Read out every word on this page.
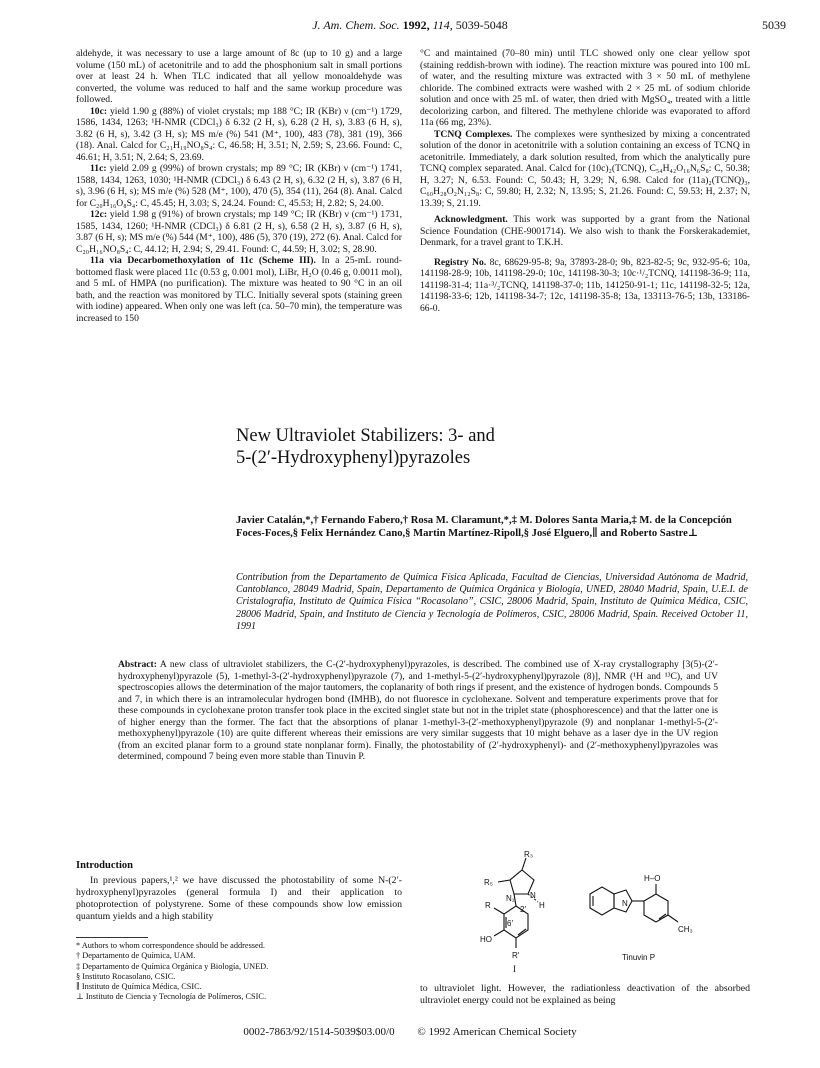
J. Am. Chem. Soc. 1992, 114, 5039-5048	5039

aldehyde, it was necessary to use a large amount of 8c (up to 10 g) and a large volume (150 mL) of acetonitrile and to add the phosphonium salt in small portions over at least 24 h. When TLC indicated that all yellow monoaldehyde was converted, the volume was reduced to half and the same workup procedure was followed.

10c: yield 1.90 g (88%) of violet crystals; mp 188 °C; IR (KBr) ν (cm⁻¹) 1729, 1586, 1434, 1263; ¹H-NMR (CDCl₃) δ 6.32 (2 H, s), 6.28 (2 H, s), 3.83 (6 H, s), 3.82 (6 H, s), 3.42 (3 H, s); MS m/e (%) 541 (M⁺, 100), 483 (78), 381 (19), 366 (18). Anal. Calcd for C₂₁H₁₉NO₈S₄: C, 46.58; H, 3.51; N, 2.59; S, 23.66. Found: C, 46.61; H, 3.51; N, 2.64; S, 23.69.

11c: yield 2.09 g (99%) of brown crystals; mp 89 °C; IR (KBr) ν (cm⁻¹) 1741, 1588, 1434, 1263, 1030; ¹H-NMR (CDCl₃) δ 6.43 (2 H, s), 6.32 (2 H, s), 3.87 (6 H, s), 3.96 (6 H, s); MS m/e (%) 528 (M⁺, 100), 470 (5), 354 (11), 264 (8). Anal. Calcd for C₂₀H₁₆O₈S₄: C, 45.45; H, 3.03; S, 24.24. Found: C, 45.53; H, 2.82; S, 24.00.

12c: yield 1.98 g (91%) of brown crystals; mp 149 °C; IR (KBr) ν (cm⁻¹) 1731, 1585, 1434, 1260; ¹H-NMR (CDCl₃) δ 6.81 (2 H, s), 6.58 (2 H, s), 3.87 (6 H, s), 3.87 (6 H, s); MS m/e (%) 544 (M⁺, 100), 486 (5), 370 (19), 272 (6). Anal. Calcd for C₂₀H₁₆NO₈S₄: C, 44.12; H, 2.94; S, 29.41. Found: C, 44.59; H, 3.02; S, 28.90.

11a via Decarbomethoxylation of 11c (Scheme III). In a 25-mL round-bottomed flask were placed 11c (0.53 g, 0.001 mol), LiBr, H₂O (0.46 g, 0.0011 mol), and 5 mL of HMPA (no purification). The mixture was heated to 90 °C in an oil bath, and the reaction was monitored by TLC. Initially several spots (staining green with iodine) appeared. When only one was left (ca. 50–70 min), the temperature was increased to 150

°C and maintained (70–80 min) until TLC showed only one clear yellow spot (staining reddish-brown with iodine). The reaction mixture was poured into 100 mL of water, and the resulting mixture was extracted with 3 × 50 mL of methylene chloride. The combined extracts were washed with 2 × 25 mL of sodium chloride solution and once with 25 mL of water, then dried with MgSO₄, treated with a little decolorizing carbon, and filtered. The methylene chloride was evaporated to afford 11a (66 mg, 23%).

TCNQ Complexes. The complexes were synthesized by mixing a concentrated solution of the donor in acetonitrile with a solution containing an excess of TCNQ in acetonitrile. Immediately, a dark solution resulted, from which the analytically pure TCNQ complex separated. Anal. Calcd for (10c)₂(TCNQ), C₅₄H₄₂O₁₆N₆S₈: C, 50.38; H, 3.27; N, 6.53. Found: C, 50.43; H, 3.29; N, 6.98. Calcd for (11a)₂(TCNQ)₃, C₆₀H₂₈O₂N₁₂S₈: C, 59.80; H, 2.32; N, 13.95; S, 21.26. Found: C, 59.53; H, 2.37; N, 13.39; S, 21.19.

Acknowledgment. This work was supported by a grant from the National Science Foundation (CHE-9001714). We also wish to thank the Forskerakademiet, Denmark, for a travel grant to T.K.H.

Registry No. 8c, 68629-95-8; 9a, 37893-28-0; 9b, 823-82-5; 9c, 932-95-6; 10a, 141198-28-9; 10b, 141198-29-0; 10c, 141198-30-3; 10c·¹/₂TCNQ, 141198-36-9; 11a, 141198-31-4; 11a·³/₂TCNQ, 141198-37-0; 11b, 141250-91-1; 11c, 141198-32-5; 12a, 141198-33-6; 12b, 141198-34-7; 12c, 141198-35-8; 13a, 133113-76-5; 13b, 133186-66-0.

New Ultraviolet Stabilizers: 3- and
5-(2′-Hydroxyphenyl)pyrazoles
Javier Catalán,*,† Fernando Fabero,† Rosa M. Claramunt,*,‡ M. Dolores Santa Maria,‡ M. de la Concepción Foces-Foces,§ Felix Hernández Cano,§ Martin Martínez-Ripoll,§ José Elguero,∥ and Roberto Sastre⊥
Contribution from the Departamento de Química Física Aplicada, Facultad de Ciencias, Universidad Autónoma de Madrid, Cantoblanco, 28049 Madrid, Spain, Departamento de Química Orgánica y Biología, UNED, 28040 Madrid, Spain, U.E.I. de Cristalografía, Instituto de Química Física “Rocasolano”, CSIC, 28006 Madrid, Spain, Instituto de Química Médica, CSIC, 28006 Madrid, Spain, and Instituto de Ciencia y Tecnología de Polímeros, CSIC, 28006 Madrid, Spain. Received October 11, 1991
Abstract: A new class of ultraviolet stabilizers, the C-(2′-hydroxyphenyl)pyrazoles, is described. The combined use of X-ray crystallography [3(5)-(2′-hydroxyphenyl)pyrazole (5), 1-methyl-3-(2′-hydroxyphenyl)pyrazole (7), and 1-methyl-5-(2′-hydroxyphenyl)pyrazole (8)], NMR (¹H and ¹³C), and UV spectroscopies allows the determination of the major tautomers, the coplanarity of both rings if present, and the existence of hydrogen bonds. Compounds 5 and 7, in which there is an intramolecular hydrogen bond (IMHB), do not fluoresce in cyclohexane. Solvent and temperature experiments prove that for these compounds in cyclohexane proton transfer took place in the excited singlet state but not in the triplet state (phosphorescence) and that the latter one is of higher energy than the former. The fact that the absorptions of planar 1-methyl-3-(2′-methoxyphenyl)pyrazole (9) and nonplanar 1-methyl-5-(2′-methoxyphenyl)pyrazole (10) are quite different whereas their emissions are very similar suggests that 10 might behave as a laser dye in the UV region (from an excited planar form to a ground state nonplanar form). Finally, the photostability of (2′-hydroxyphenyl)- and (2′-methoxyphenyl)pyrazoles was determined, compound 7 being even more stable than Tinuvin P.
Introduction

In previous papers,¹,² we have discussed the photostability of some N-(2′-hydroxyphenyl)pyrazoles (general formula I) and their application to photoprotection of polystyrene. Some of these compounds show low emission quantum yields and a high stability

* Authors to whom correspondence should be addressed.
† Departamento de Química, UAM.
‡ Departamento de Química Orgánica y Biología, UNED.
§ Instituto Rocasolano, CSIC.
∥ Instituto de Química Médica, CSIC.
⊥ Instituto de Ciencia y Tecnología de Polímeros, CSIC.
R₃
R₅
N₁ N
H
R
HO
R′
2′
6′
I
H–O
N
CH₃
Tinuvin P
to ultraviolet light. However, the radiationless deactivation of the absorbed ultraviolet energy could not be explained as being
0002-7863/92/1514-5039$03.00/0 © 1992 American Chemical Society
